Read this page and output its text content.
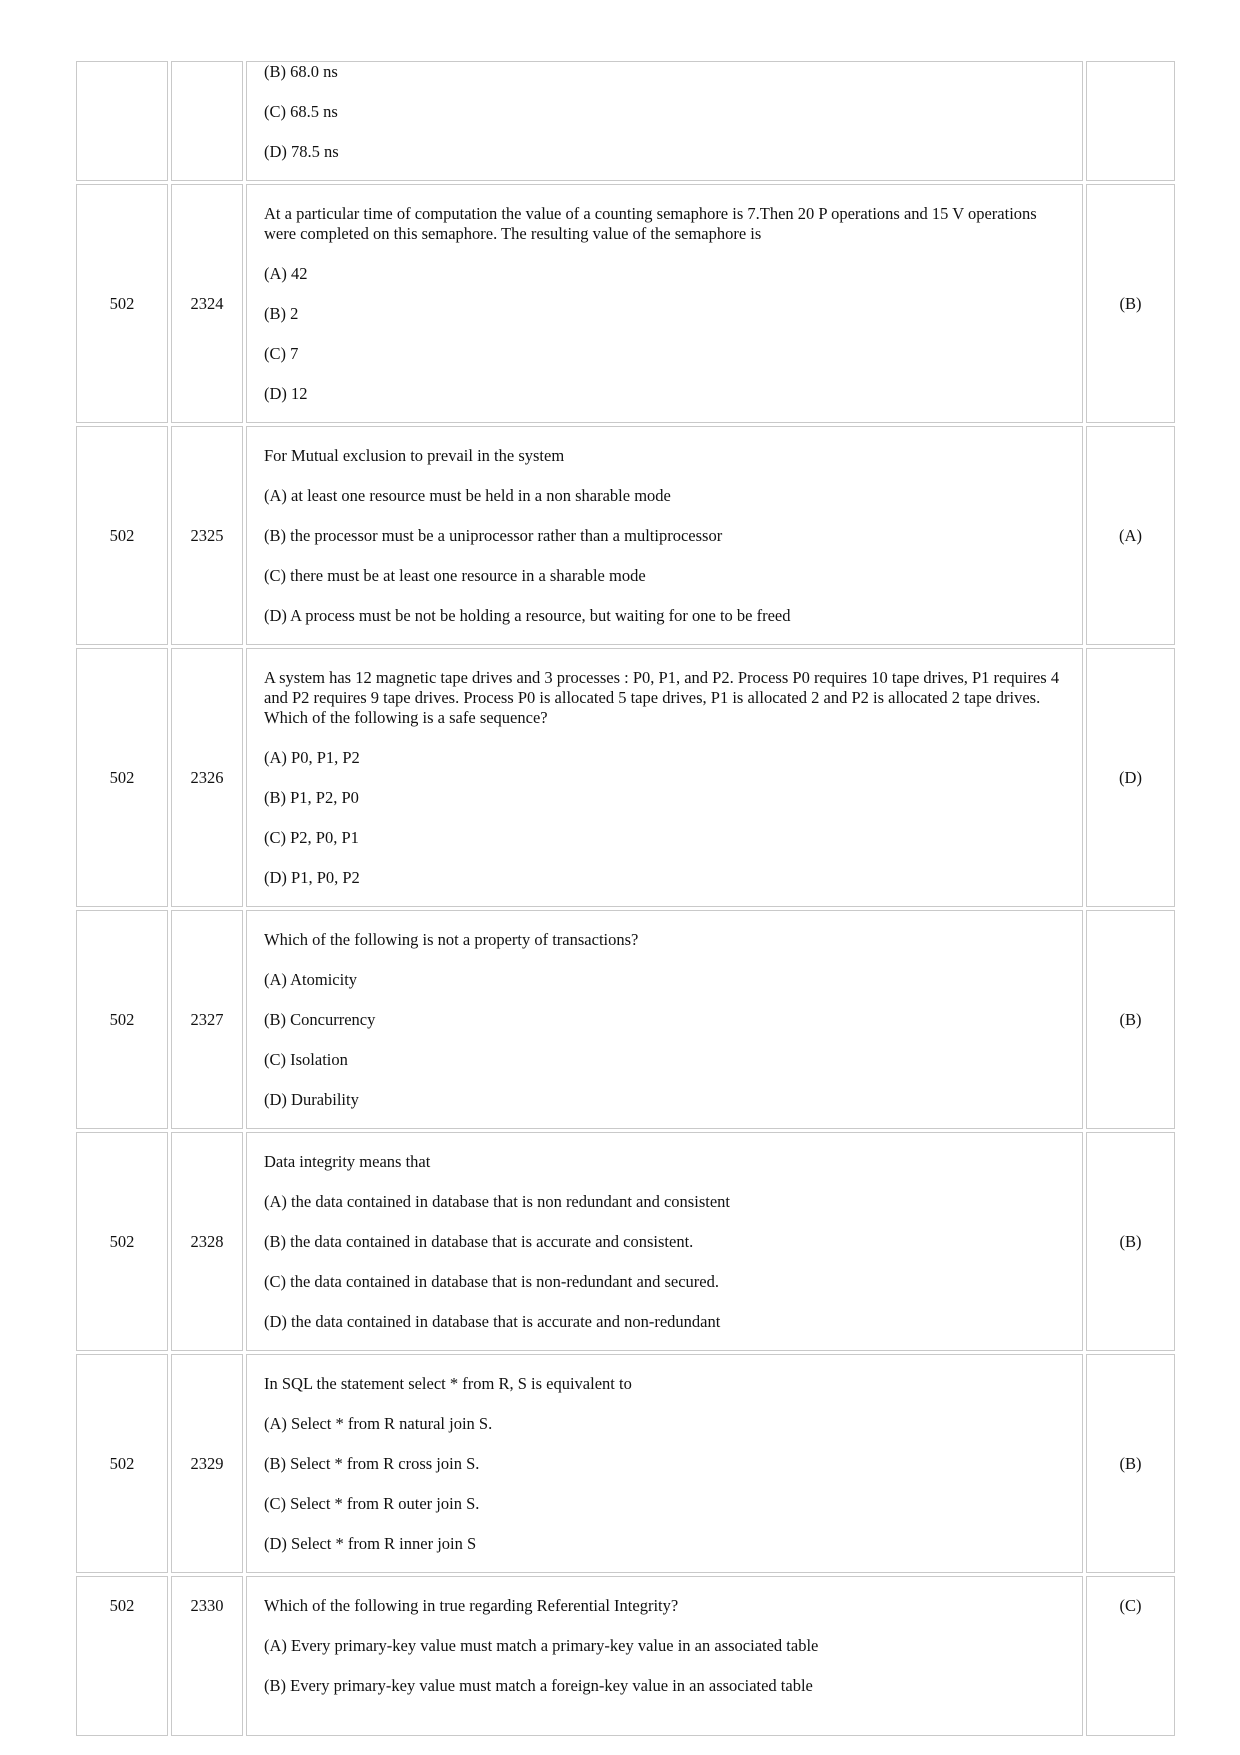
		(B) 68.0 ns
(C) 68.5 ns
(D) 78.5 ns	

502	2324	At a particular time of computation the value of a counting semaphore is 7.Then 20 P operations and 15 V operations were completed on this semaphore. The resulting value of the semaphore is
(A) 42
(B) 2
(C) 7
(D) 12	(B)
502	2325	For Mutual exclusion to prevail in the system
(A) at least one resource must be held in a non sharable mode
(B) the processor must be a uniprocessor rather than a multiprocessor
(C) there must be at least one resource in a sharable mode
(D) A process must be not be holding a resource, but waiting for one to be freed	(A)
502	2326	A system has 12 magnetic tape drives and 3 processes : P0, P1, and P2. Process P0 requires 10 tape drives, P1 requires 4 and P2 requires 9 tape drives. Process P0 is allocated 5 tape drives, P1 is allocated 2 and P2 is allocated 2 tape drives. Which of the following is a safe sequence?
(A) P0, P1, P2
(B) P1, P2, P0
(C) P2, P0, P1
(D) P1, P0, P2	(D)
502	2327	Which of the following is not a property of transactions?
(A) Atomicity
(B) Concurrency
(C) Isolation
(D) Durability	(B)
502	2328	Data integrity means that
(A) the data contained in database that is non redundant and consistent
(B) the data contained in database that is accurate and consistent.
(C) the data contained in database that is non-redundant and secured.
(D) the data contained in database that is accurate and non-redundant	(B)
502	2329	In SQL the statement select * from R, S is equivalent to
(A) Select * from R natural join S.
(B) Select * from R cross join S.
(C) Select * from R outer join S.
(D) Select * from R inner join S	(B)

502	2330	Which of the following in true regarding Referential Integrity?
(A) Every primary-key value must match a primary-key value in an associated table
(B) Every primary-key value must match a foreign-key value in an associated table	(C)
